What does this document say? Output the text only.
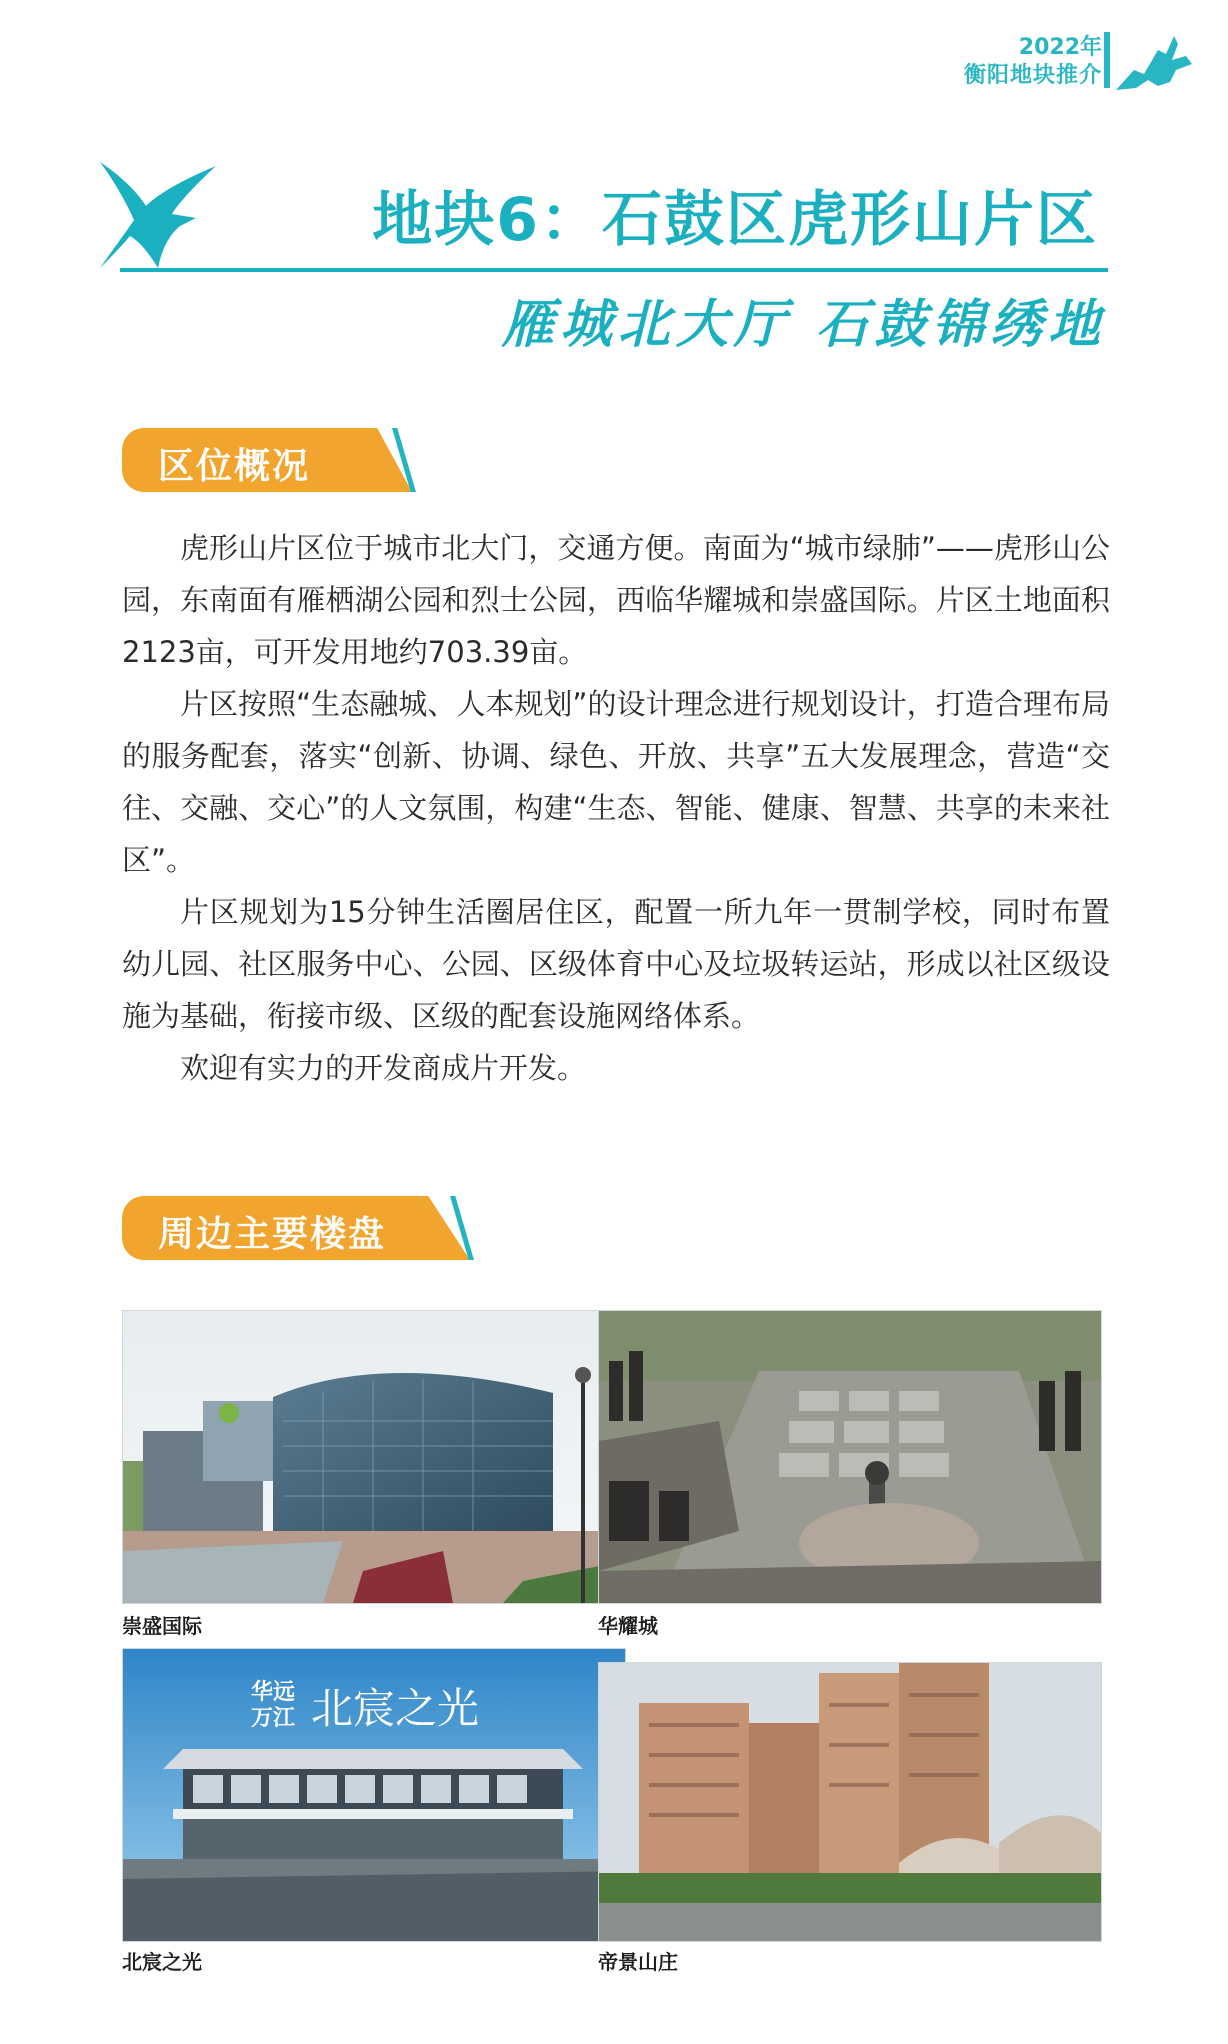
2022年
衡阳地块推介
地块6：石鼓区虎形山片区
雁城北大厅 石鼓锦绣地
区位概况

虎形山片区位于城市北大门，交通方便。南面为“城市绿肺”——虎形山公园，东南面有雁栖湖公园和烈士公园，西临华耀城和崇盛国际。片区土地面积2123亩，可开发用地约703.39亩。

片区按照“生态融城、人本规划”的设计理念进行规划设计，打造合理布局的服务配套，落实“创新、协调、绿色、开放、共享”五大发展理念，营造“交往、交融、交心”的人文氛围，构建“生态、智能、健康、智慧、共享的未来社区”。

片区规划为15分钟生活圈居住区，配置一所九年一贯制学校，同时布置幼儿园、社区服务中心、公园、区级体育中心及垃圾转运站，形成以社区级设施为基础，衔接市级、区级的配套设施网络体系。

欢迎有实力的开发商成片开发。

周边主要楼盘
崇盛国际	华耀城
华远
万江 北宸之光
北宸之光	帝景山庄
